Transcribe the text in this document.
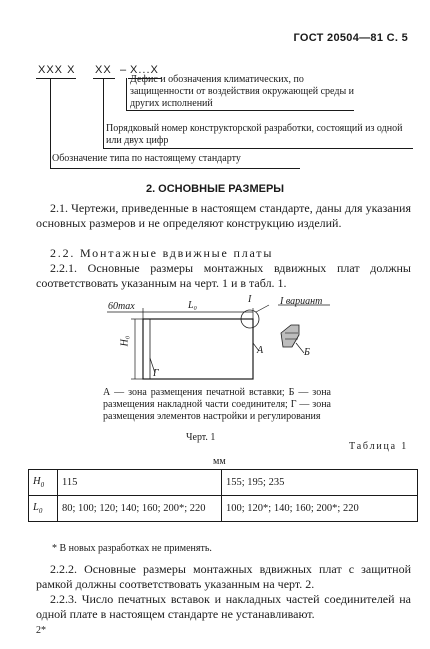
ГОСТ 20504—81 С. 5
XXX X XX – X...X
Дефис и обозначения климатических, по защищенности от воздействия окружающей среды и других исполнений
Порядковый номер конструкторской разработки, состоящий из одной или двух цифр
Обозначение типа по настоящему стандарту
2. ОСНОВНЫЕ РАЗМЕРЫ
2.1. Чертежи, приведенные в настоящем стандарте, даны для указания основных размеров и не определяют конструкцию изделий.
2.2. Монтажные вдвижные платы
2.2.1. Основные размеры монтажных вдвижных плат должны соответствовать указанным на черт. 1 и в табл. 1.
60max	L₀
H₀
I	I вариант
А	Б
Г
А — зона размещения печатной вставки; Б — зона размещения накладной части соединителя; Г — зона размещения элементов настройки и регулирования
Черт. 1
Таблица 1
мм
$H_0$	115	155; 195; 235
$L_0$	80; 100; 120; 140; 160; 200*; 220	100; 120*; 140; 160; 200*; 220
* В новых разработках не применять.
2.2.2. Основные размеры монтажных вдвижных плат с защитной рамкой должны соответствовать указанным на черт. 2.
2.2.3. Число печатных вставок и накладных частей соединителей на одной плате в настоящем стандарте не устанавливают.
2*
